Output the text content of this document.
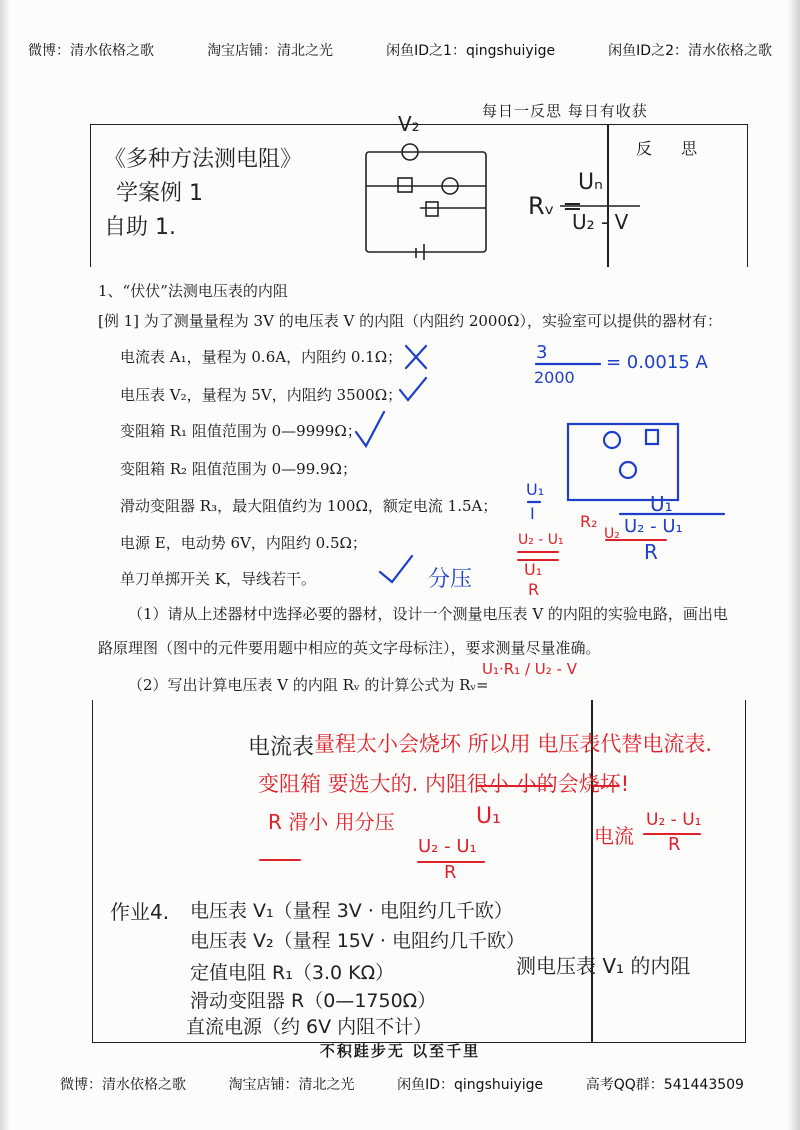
微博：清水依格之歌	淘宝店铺：清北之光	闲鱼ID之1：qingshuiyige	闲鱼ID之2：清水依格之歌
每日一反思 每日有收获
反 思
《多种方法测电阻》
学案例 1
自助 1.
V₂
Rᵥ =
Uₙ
U₂ - V
1、“伏伏”法测电压表的内阻
[例 1] 为了测量量程为 3V 的电压表 V 的内阻（内阻约 2000Ω），实验室可以提供的器材有：
电流表 A₁，量程为 0.6A，内阻约 0.1Ω；
电压表 V₂，量程为 5V，内阻约 3500Ω；
变阻箱 R₁ 阻值范围为 0—9999Ω；
变阻箱 R₂ 阻值范围为 0—99.9Ω；
滑动变阻器 R₃，最大阻值约为 100Ω，额定电流 1.5A；
电源 E，电动势 6V，内阻约 0.5Ω；
单刀单掷开关 K，导线若干。
（1）请从上述器材中选择必要的器材，设计一个测量电压表 V 的内阻的实验电路，画出电
路原理图（图中的元件要用题中相应的英文字母标注），要求测量尽量准确。
（2）写出计算电压表 V 的内阻 Rᵥ 的计算公式为 Rᵥ=
U₁·R₁ / U₂ - V
3
2000
= 0.0015 A
分压
U₁
I	R₂
U₁
U₂ - U₁
R
U₂ - U₁	U₂
U₁
R
电流表 量程太小会烧坏 所以用 电压表代替电流表.
变阻箱 要选大的. 内阻很小 小的会烧坏!
R 滑小 用分压	U₁
U₂ - U₁
R
电流
U₂ - U₁
R
作业4. 电压表 V₁（量程 3V · 电阻约几千欧）
电压表 V₂（量程 15V · 电阻约几千欧）
定值电阻 R₁（3.0 KΩ）
滑动变阻器 R（0—1750Ω）
直流电源（约 6V 内阻不计）
测电压表 V₁ 的内阻
不积跬步无 以至千里
微博：清水依格之歌	淘宝店铺：清北之光	闲鱼ID：qingshuiyige	高考QQ群：541443509
